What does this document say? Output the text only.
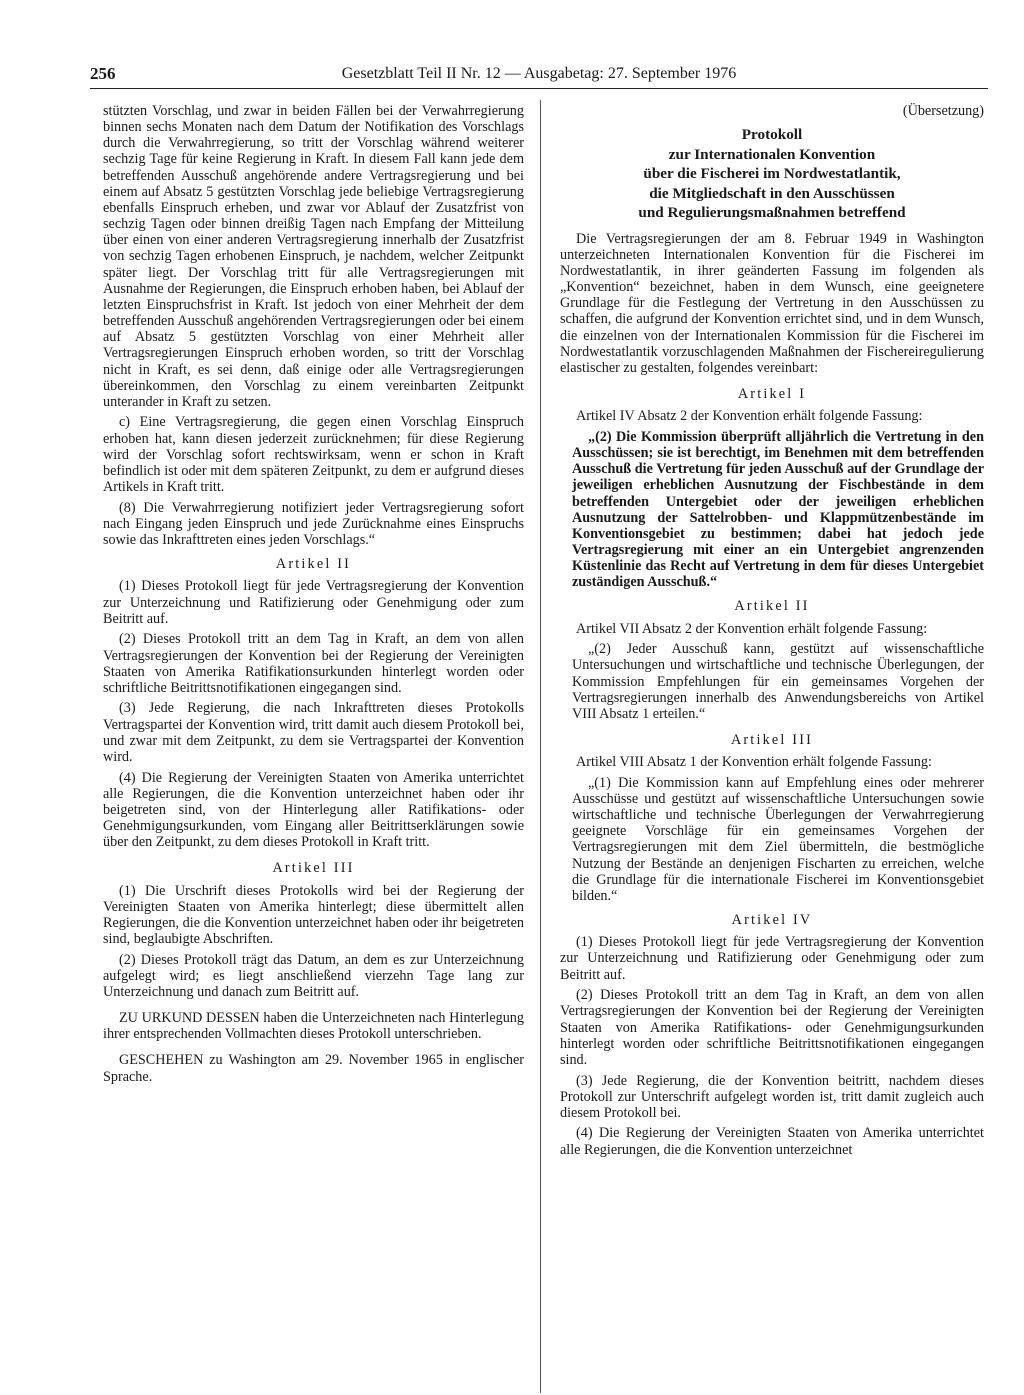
256	Gesetzblatt Teil II Nr. 12 — Ausgabetag: 27. September 1976

stützten Vorschlag, und zwar in beiden Fällen bei der Verwahrregierung binnen sechs Monaten nach dem Datum der Notifikation des Vorschlags durch die Verwahrregierung, so tritt der Vorschlag während weiterer sechzig Tage für keine Regierung in Kraft. In diesem Fall kann jede dem betreffenden Ausschuß angehörende andere Vertragsregierung und bei einem auf Absatz 5 gestützten Vorschlag jede beliebige Vertragsregierung ebenfalls Einspruch erheben, und zwar vor Ablauf der Zusatzfrist von sechzig Tagen oder binnen dreißig Tagen nach Empfang der Mitteilung über einen von einer anderen Vertragsregierung innerhalb der Zusatzfrist von sechzig Tagen erhobenen Einspruch, je nachdem, welcher Zeitpunkt später liegt. Der Vorschlag tritt für alle Vertragsregierungen mit Ausnahme der Regierungen, die Einspruch erhoben haben, bei Ablauf der letzten Einspruchsfrist in Kraft. Ist jedoch von einer Mehrheit der dem betreffenden Ausschuß angehörenden Vertragsregierungen oder bei einem auf Absatz 5 gestützten Vorschlag von einer Mehrheit aller Vertragsregierungen Einspruch erhoben worden, so tritt der Vorschlag nicht in Kraft, es sei denn, daß einige oder alle Vertragsregierungen übereinkommen, den Vorschlag zu einem vereinbarten Zeitpunkt unterander in Kraft zu setzen.

c) Eine Vertragsregierung, die gegen einen Vorschlag Einspruch erhoben hat, kann diesen jederzeit zurücknehmen; für diese Regierung wird der Vorschlag sofort rechtswirksam, wenn er schon in Kraft befindlich ist oder mit dem späteren Zeitpunkt, zu dem er aufgrund dieses Artikels in Kraft tritt.

(8) Die Verwahrregierung notifiziert jeder Vertragsregierung sofort nach Eingang jeden Einspruch und jede Zurücknahme eines Einspruchs sowie das Inkrafttreten eines jeden Vorschlags.“

Artikel II

(1) Dieses Protokoll liegt für jede Vertragsregierung der Konvention zur Unterzeichnung und Ratifizierung oder Genehmigung oder zum Beitritt auf.

(2) Dieses Protokoll tritt an dem Tag in Kraft, an dem von allen Vertragsregierungen der Konvention bei der Regierung der Vereinigten Staaten von Amerika Ratifikationsurkunden hinterlegt worden oder schriftliche Beitrittsnotifikationen eingegangen sind.

(3) Jede Regierung, die nach Inkrafttreten dieses Protokolls Vertragspartei der Konvention wird, tritt damit auch diesem Protokoll bei, und zwar mit dem Zeitpunkt, zu dem sie Vertragspartei der Konvention wird.

(4) Die Regierung der Vereinigten Staaten von Amerika unterrichtet alle Regierungen, die die Konvention unterzeichnet haben oder ihr beigetreten sind, von der Hinterlegung aller Ratifikations- oder Genehmigungsurkunden, vom Eingang aller Beitrittserklärungen sowie über den Zeitpunkt, zu dem dieses Protokoll in Kraft tritt.

Artikel III

(1) Die Urschrift dieses Protokolls wird bei der Regierung der Vereinigten Staaten von Amerika hinterlegt; diese übermittelt allen Regierungen, die die Konvention unterzeichnet haben oder ihr beigetreten sind, beglaubigte Abschriften.

(2) Dieses Protokoll trägt das Datum, an dem es zur Unterzeichnung aufgelegt wird; es liegt anschließend vierzehn Tage lang zur Unterzeichnung und danach zum Beitritt auf.

ZU URKUND DESSEN haben die Unterzeichneten nach Hinterlegung ihrer entsprechenden Vollmachten dieses Protokoll unterschrieben.

GESCHEHEN zu Washington am 29. November 1965 in englischer Sprache.

(Übersetzung)

Protokoll
zur Internationalen Konvention
über die Fischerei im Nordwestatlantik,
die Mitgliedschaft in den Ausschüssen
und Regulierungsmaßnahmen betreffend

Die Vertragsregierungen der am 8. Februar 1949 in Washington unterzeichneten Internationalen Konvention für die Fischerei im Nordwestatlantik, in ihrer geänderten Fassung im folgenden als „Konvention“ bezeichnet, haben in dem Wunsch, eine geeignetere Grundlage für die Festlegung der Vertretung in den Ausschüssen zu schaffen, die aufgrund der Konvention errichtet sind, und in dem Wunsch, die einzelnen von der Internationalen Kommission für die Fischerei im Nordwestatlantik vorzuschlagenden Maßnahmen der Fischereiregulierung elastischer zu gestalten, folgendes vereinbart:

Artikel I

Artikel IV Absatz 2 der Konvention erhält folgende Fassung:

„(2) Die Kommission überprüft alljährlich die Vertretung in den Ausschüssen; sie ist berechtigt, im Benehmen mit dem betreffenden Ausschuß die Vertretung für jeden Ausschuß auf der Grundlage der jeweiligen erheblichen Ausnutzung der Fischbestände in dem betreffenden Untergebiet oder der jeweiligen erheblichen Ausnutzung der Sattelrobben- und Klappmützenbestände im Konventionsgebiet zu bestimmen; dabei hat jedoch jede Vertragsregierung mit einer an ein Untergebiet angrenzenden Küstenlinie das Recht auf Vertretung in dem für dieses Untergebiet zuständigen Ausschuß.“

Artikel II

Artikel VII Absatz 2 der Konvention erhält folgende Fassung:

„(2) Jeder Ausschuß kann, gestützt auf wissenschaftliche Untersuchungen und wirtschaftliche und technische Überlegungen, der Kommission Empfehlungen für ein gemeinsames Vorgehen der Vertragsregierungen innerhalb des Anwendungsbereichs von Artikel VIII Absatz 1 erteilen.“

Artikel III

Artikel VIII Absatz 1 der Konvention erhält folgende Fassung:

„(1) Die Kommission kann auf Empfehlung eines oder mehrerer Ausschüsse und gestützt auf wissenschaftliche Untersuchungen sowie wirtschaftliche und technische Überlegungen der Verwahrregierung geeignete Vorschläge für ein gemeinsames Vorgehen der Vertragsregierungen mit dem Ziel übermitteln, die bestmögliche Nutzung der Bestände an denjenigen Fischarten zu erreichen, welche die Grundlage für die internationale Fischerei im Konventionsgebiet bilden.“

Artikel IV

(1) Dieses Protokoll liegt für jede Vertragsregierung der Konvention zur Unterzeichnung und Ratifizierung oder Genehmigung oder zum Beitritt auf.

(2) Dieses Protokoll tritt an dem Tag in Kraft, an dem von allen Vertragsregierungen der Konvention bei der Regierung der Vereinigten Staaten von Amerika Ratifikations- oder Genehmigungsurkunden hinterlegt worden oder schriftliche Beitrittsnotifikationen eingegangen sind.

(3) Jede Regierung, die der Konvention beitritt, nachdem dieses Protokoll zur Unterschrift aufgelegt worden ist, tritt damit zugleich auch diesem Protokoll bei.

(4) Die Regierung der Vereinigten Staaten von Amerika unterrichtet alle Regierungen, die die Konvention unterzeichnet
